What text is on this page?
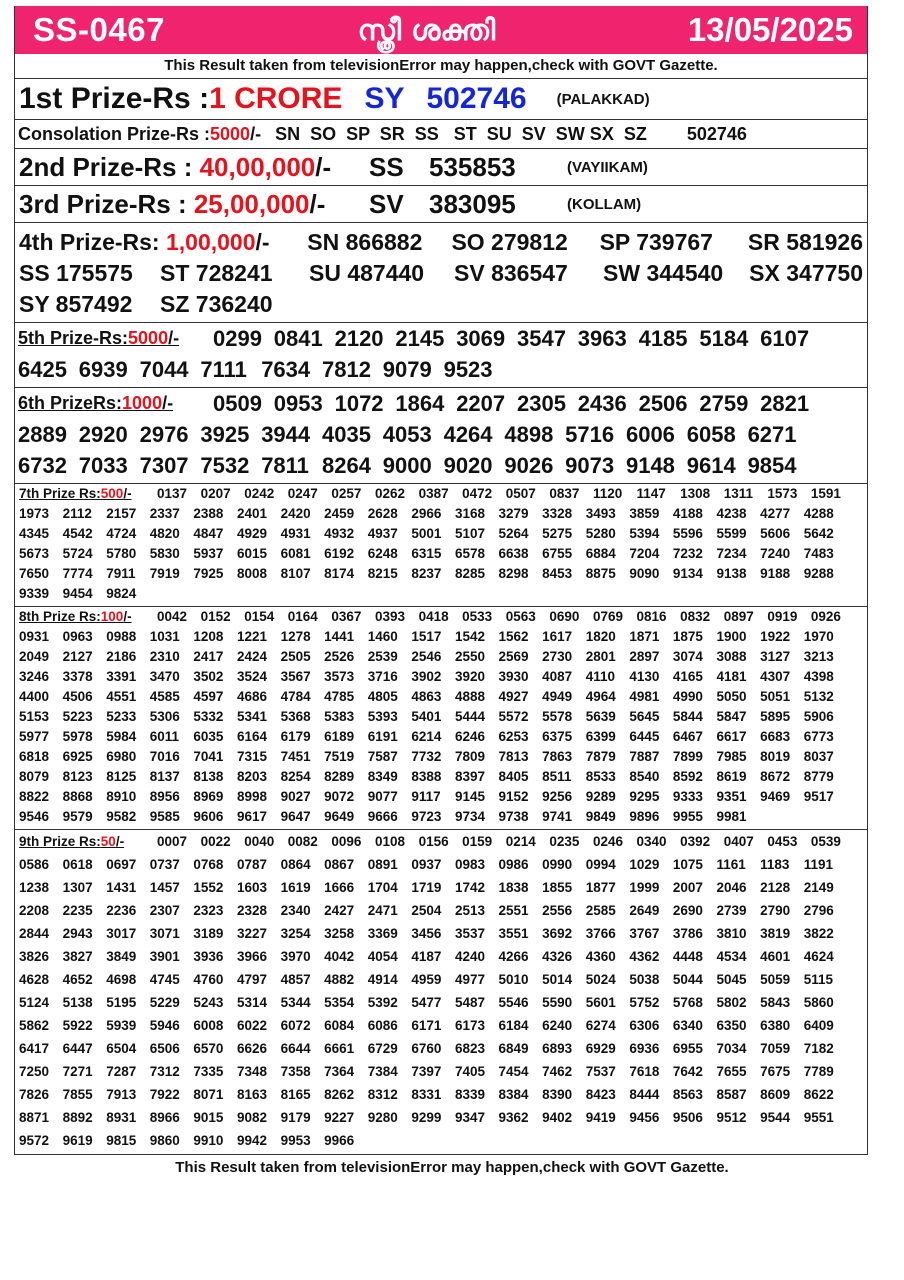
SS-0467	സ്ത്രീ ശക്തി	13/05/2025
This Result taken from televisionError may happen,check with GOVT Gazette.
1st Prize-Rs : 1 CRORE SY 502746 (PALAKKAD)
Consolation Prize-Rs : 5000 /- SN  SO  SP  SR  SS   ST  SU  SV  SW SX  SZ 502746
2nd Prize-Rs : 40,00,000/-	SS 535853	(VAYIIKAM)
3rd Prize-Rs : 25,00,000/-	SV 383095	(KOLLAM)
4th Prize-Rs: 1,00,000/-	SN 866882	SO 279812	SP 739767	SR 581926
SS 175575	ST 728241	SU 487440	SV 836547	SW 344540	SX 347750
SY 857492	SZ 736240
5th Prize-Rs:5000/-	0299 0841 2120 2145 3069 3547 3963 4185 5184 6107
6425 6939 7044 7111 7634 7812 9079 9523
6th PrizeRs:1000/-	0509 0953 1072 1864 2207 2305 2436 2506 2759 2821
2889 2920 2976 3925 3944 4035 4053 4264 4898 5716 6006 6058 6271
6732 7033 7307 7532 7811 8264 9000 9020 9026 9073 9148 9614 9854
7th Prize Rs:500/-	0137	0207	0242	0247	0257	0262	0387	0472	0507	0837	1120	1147	1308	1311	1573	1591
1973	2112	2157	2337	2388	2401	2420	2459	2628	2966	3168	3279	3328	3493	3859	4188	4238	4277	4288
4345	4542	4724	4820	4847	4929	4931	4932	4937	5001	5107	5264	5275	5280	5394	5596	5599	5606	5642
5673	5724	5780	5830	5937	6015	6081	6192	6248	6315	6578	6638	6755	6884	7204	7232	7234	7240	7483
7650	7774	7911	7919	7925	8008	8107	8174	8215	8237	8285	8298	8453	8875	9090	9134	9138	9188	9288
9339	9454	9824
8th Prize Rs:100/-	0042	0152	0154	0164	0367	0393	0418	0533	0563	0690	0769	0816	0832	0897	0919	0926
0931	0963	0988	1031	1208	1221	1278	1441	1460	1517	1542	1562	1617	1820	1871	1875	1900	1922	1970
2049	2127	2186	2310	2417	2424	2505	2526	2539	2546	2550	2569	2730	2801	2897	3074	3088	3127	3213
3246	3378	3391	3470	3502	3524	3567	3573	3716	3902	3920	3930	4087	4110	4130	4165	4181	4307	4398
4400	4506	4551	4585	4597	4686	4784	4785	4805	4863	4888	4927	4949	4964	4981	4990	5050	5051	5132
5153	5223	5233	5306	5332	5341	5368	5383	5393	5401	5444	5572	5578	5639	5645	5844	5847	5895	5906
5977	5978	5984	6011	6035	6164	6179	6189	6191	6214	6246	6253	6375	6399	6445	6467	6617	6683	6773
6818	6925	6980	7016	7041	7315	7451	7519	7587	7732	7809	7813	7863	7879	7887	7899	7985	8019	8037
8079	8123	8125	8137	8138	8203	8254	8289	8349	8388	8397	8405	8511	8533	8540	8592	8619	8672	8779
8822	8868	8910	8956	8969	8998	9027	9072	9077	9117	9145	9152	9256	9289	9295	9333	9351	9469	9517
9546	9579	9582	9585	9606	9617	9647	9649	9666	9723	9734	9738	9741	9849	9896	9955	9981
9th Prize Rs:50/-	0007	0022	0040	0082	0096	0108	0156	0159	0214	0235	0246	0340	0392	0407	0453	0539
0586	0618	0697	0737	0768	0787	0864	0867	0891	0937	0983	0986	0990	0994	1029	1075	1161	1183	1191
1238	1307	1431	1457	1552	1603	1619	1666	1704	1719	1742	1838	1855	1877	1999	2007	2046	2128	2149
2208	2235	2236	2307	2323	2328	2340	2427	2471	2504	2513	2551	2556	2585	2649	2690	2739	2790	2796
2844	2943	3017	3071	3189	3227	3254	3258	3369	3456	3537	3551	3692	3766	3767	3786	3810	3819	3822
3826	3827	3849	3901	3936	3966	3970	4042	4054	4187	4240	4266	4326	4360	4362	4448	4534	4601	4624
4628	4652	4698	4745	4760	4797	4857	4882	4914	4959	4977	5010	5014	5024	5038	5044	5045	5059	5115
5124	5138	5195	5229	5243	5314	5344	5354	5392	5477	5487	5546	5590	5601	5752	5768	5802	5843	5860
5862	5922	5939	5946	6008	6022	6072	6084	6086	6171	6173	6184	6240	6274	6306	6340	6350	6380	6409
6417	6447	6504	6506	6570	6626	6644	6661	6729	6760	6823	6849	6893	6929	6936	6955	7034	7059	7182
7250	7271	7287	7312	7335	7348	7358	7364	7384	7397	7405	7454	7462	7537	7618	7642	7655	7675	7789
7826	7855	7913	7922	8071	8163	8165	8262	8312	8331	8339	8384	8390	8423	8444	8563	8587	8609	8622
8871	8892	8931	8966	9015	9082	9179	9227	9280	9299	9347	9362	9402	9419	9456	9506	9512	9544	9551
9572	9619	9815	9860	9910	9942	9953	9966
This Result taken from televisionError may happen,check with GOVT Gazette.
